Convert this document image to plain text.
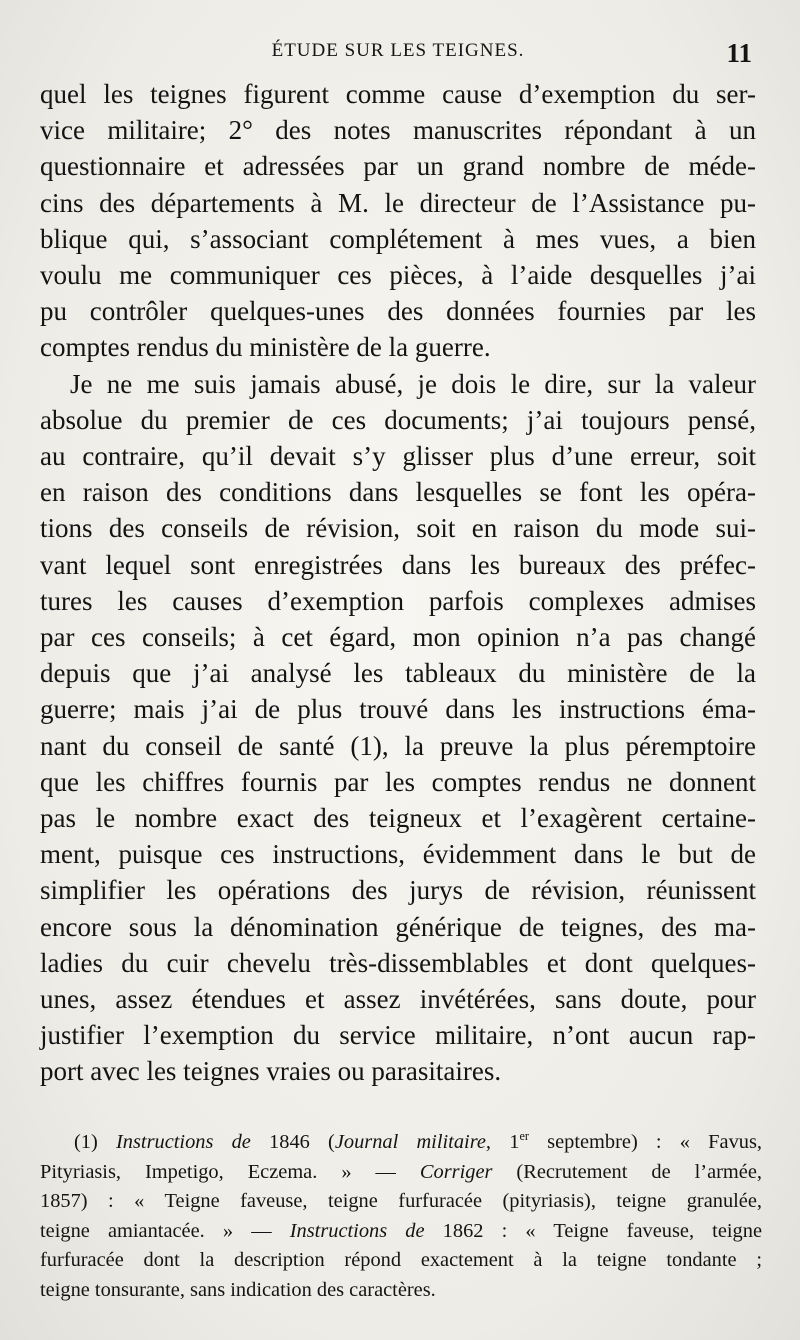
ÉTUDE SUR LES TEIGNES.	11
quel les teignes figurent comme cause d’exemption du ser-
vice militaire; 2° des notes manuscrites répondant à un
questionnaire et adressées par un grand nombre de méde-
cins des départements à M. le directeur de l’Assistance pu-
blique qui, s’associant complétement à mes vues, a bien
voulu me communiquer ces pièces, à l’aide desquelles j’ai
pu contrôler quelques-unes des données fournies par les
comptes rendus du ministère de la guerre.
Je ne me suis jamais abusé, je dois le dire, sur la valeur
absolue du premier de ces documents; j’ai toujours pensé,
au contraire, qu’il devait s’y glisser plus d’une erreur, soit
en raison des conditions dans lesquelles se font les opéra-
tions des conseils de révision, soit en raison du mode sui-
vant lequel sont enregistrées dans les bureaux des préfec-
tures les causes d’exemption parfois complexes admises
par ces conseils; à cet égard, mon opinion n’a pas changé
depuis que j’ai analysé les tableaux du ministère de la
guerre; mais j’ai de plus trouvé dans les instructions éma-
nant du conseil de santé (1), la preuve la plus péremptoire
que les chiffres fournis par les comptes rendus ne donnent
pas le nombre exact des teigneux et l’exagèrent certaine-
ment, puisque ces instructions, évidemment dans le but de
simplifier les opérations des jurys de révision, réunissent
encore sous la dénomination générique de teignes, des ma-
ladies du cuir chevelu très-dissemblables et dont quelques-
unes, assez étendues et assez invétérées, sans doute, pour
justifier l’exemption du service militaire, n’ont aucun rap-
port avec les teignes vraies ou parasitaires.
(1) Instructions de 1846 (Journal militaire, 1er septembre) : « Favus,
Pityriasis, Impetigo, Eczema. » — Corriger (Recrutement de l’armée,
1857) : « Teigne faveuse, teigne furfuracée (pityriasis), teigne granulée,
teigne amiantacée. » — Instructions de 1862 : « Teigne faveuse, teigne
furfuracée dont la description répond exactement à la teigne tondante ;
teigne tonsurante, sans indication des caractères.
